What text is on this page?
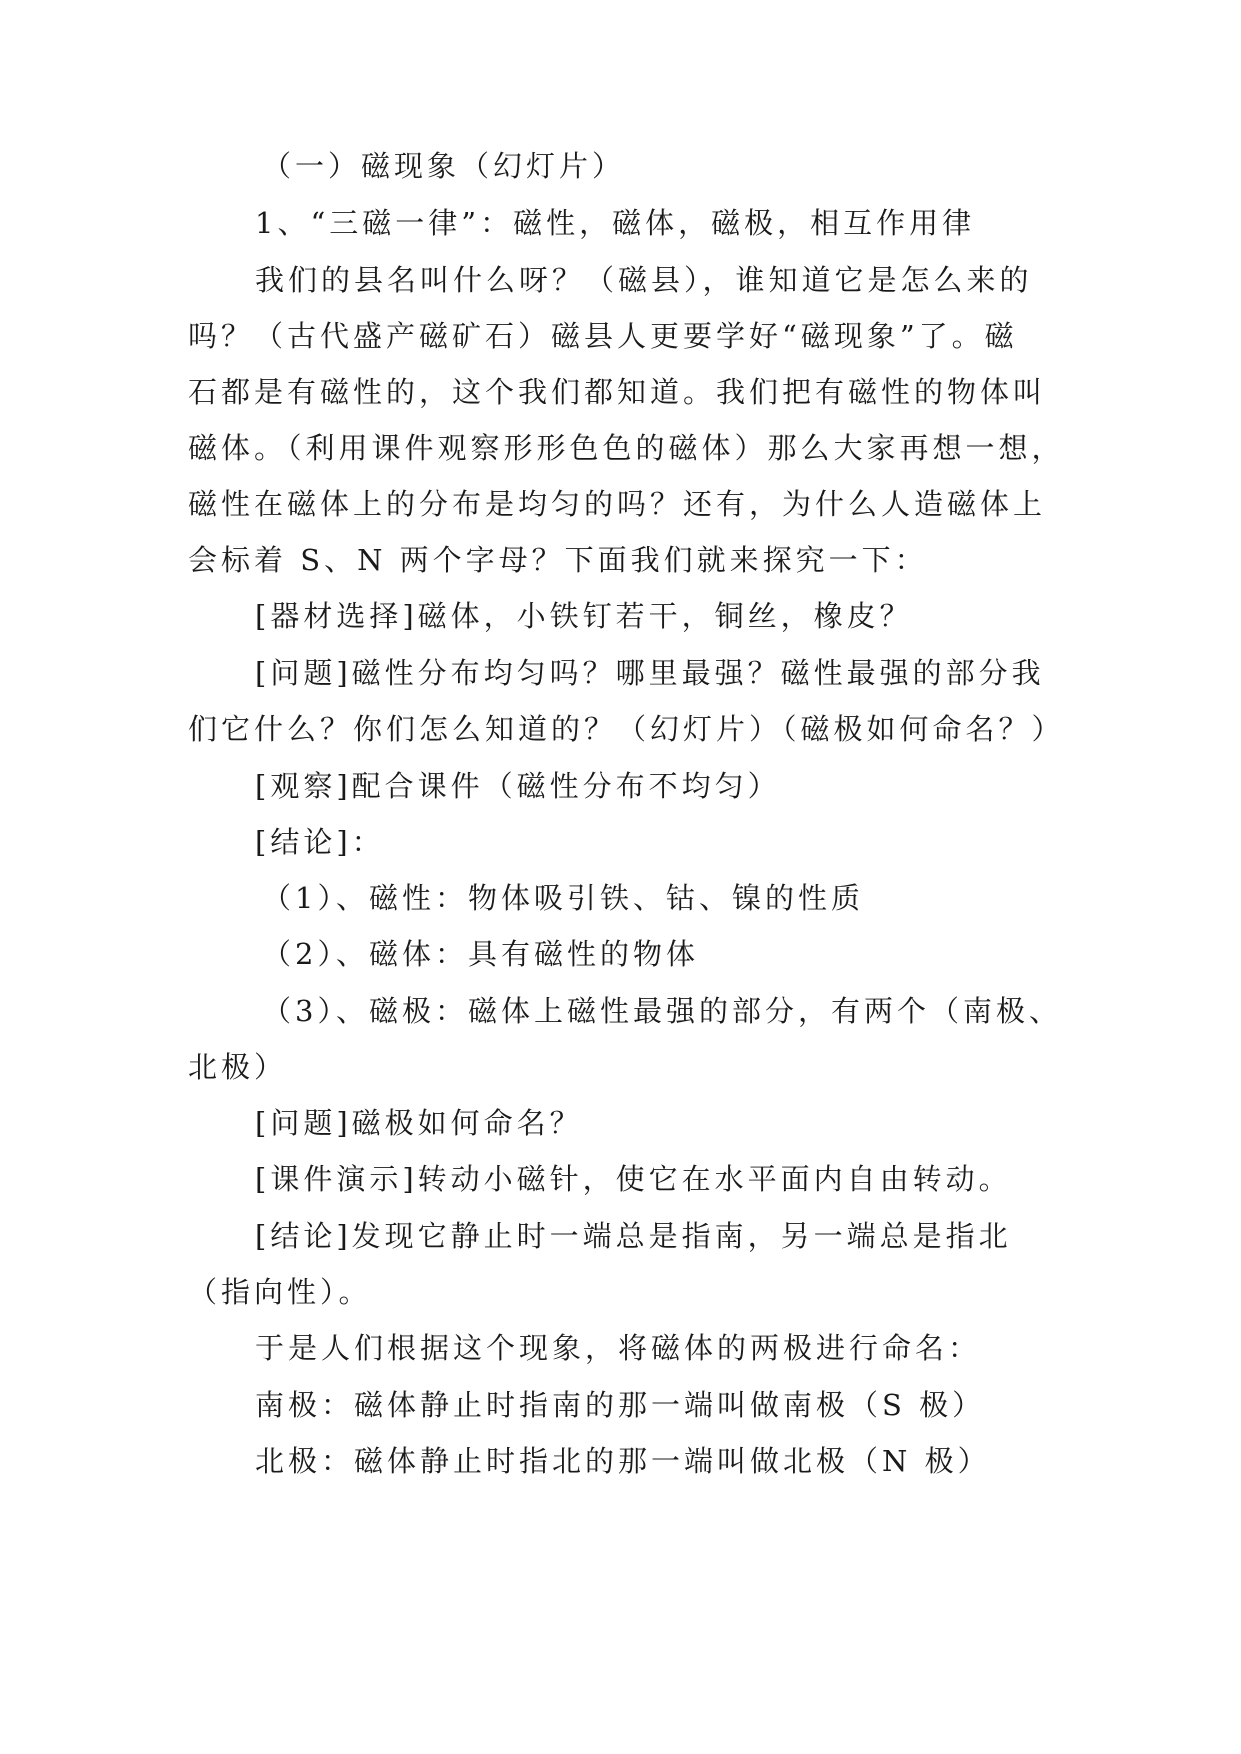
（一）磁现象（幻灯片）
1、“三磁一律”：磁性，磁体，磁极，相互作用律
我们的县名叫什么呀？（磁县），谁知道它是怎么来的
吗？（古代盛产磁矿石）磁县人更要学好“磁现象”了。磁
石都是有磁性的，这个我们都知道。我们把有磁性的物体叫
磁体。（利用课件观察形形色色的磁体）那么大家再想一想，
磁性在磁体上的分布是均匀的吗？还有，为什么人造磁体上
会标着 S、N 两个字母？下面我们就来探究一下：
[器材选择]磁体，小铁钉若干，铜丝，橡皮？
[问题]磁性分布均匀吗？哪里最强？磁性最强的部分我
们它什么？你们怎么知道的？（幻灯片）（磁极如何命名？）
[观察]配合课件（磁性分布不均匀）
[结论]：
（1）、磁性：物体吸引铁、钴、镍的性质
（2）、磁体：具有磁性的物体
（3）、磁极：磁体上磁性最强的部分，有两个（南极、
北极）
[问题]磁极如何命名？
[课件演示]转动小磁针，使它在水平面内自由转动。
[结论]发现它静止时一端总是指南，另一端总是指北
（指向性）。
于是人们根据这个现象，将磁体的两极进行命名：
南极：磁体静止时指南的那一端叫做南极（S 极）
北极：磁体静止时指北的那一端叫做北极（N 极）
